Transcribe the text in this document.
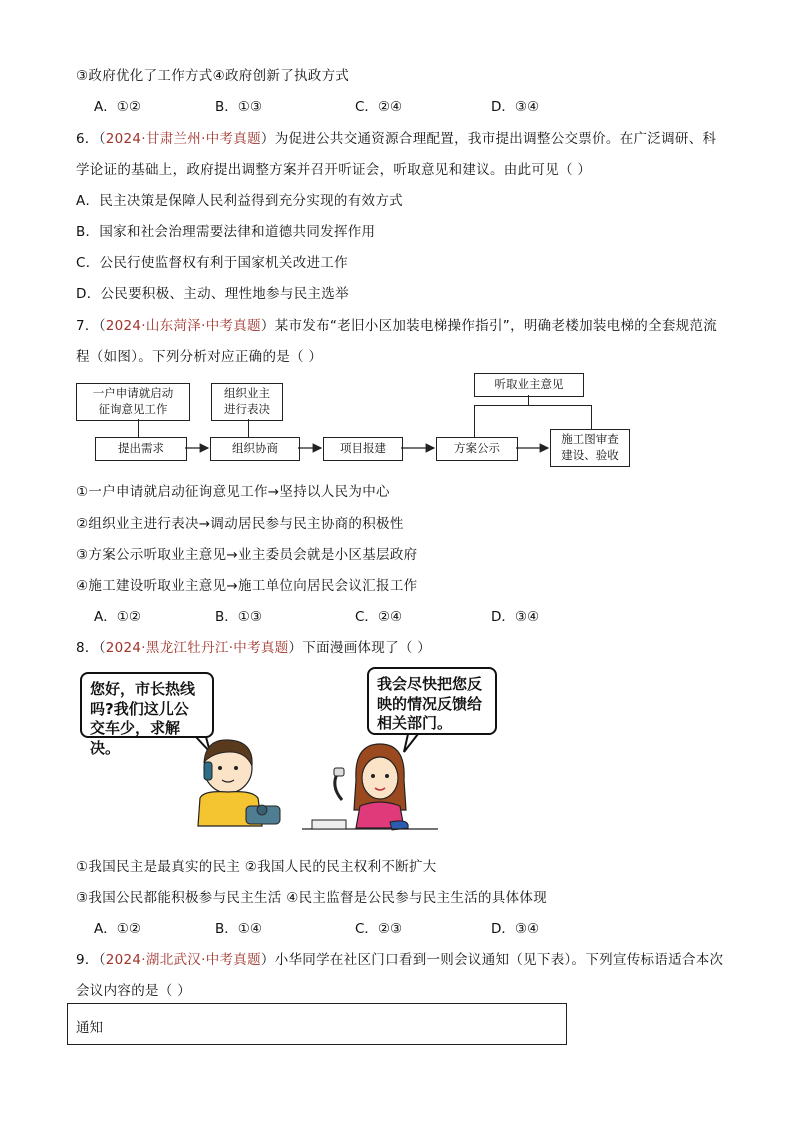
③政府优化了工作方式④政府创新了执政方式
A．①②	B．①③	C．②④	D．③④
6．（2024·甘肃兰州·中考真题）为促进公共交通资源合理配置，我市提出调整公交票价。在广泛调研、科
学论证的基础上，政府提出调整方案并召开听证会，听取意见和建议。由此可见（ ）
A．民主决策是保障人民利益得到充分实现的有效方式
B．国家和社会治理需要法律和道德共同发挥作用
C．公民行使监督权有利于国家机关改进工作
D．公民要积极、主动、理性地参与民主选举
7．（2024·山东菏泽·中考真题）某市发布“老旧小区加装电梯操作指引”，明确老楼加装电梯的全套规范流
程（如图）。下列分析对应正确的是（ ）
一户申请就启动
征询意见工作
组织业主
进行表决
听取业主意见
提出需求	组织协商	项目报建	方案公示
施工图审查
建设、验收
①一户申请就启动征询意见工作→坚持以人民为中心
②组织业主进行表决→调动居民参与民主协商的积极性
③方案公示听取业主意见→业主委员会就是小区基层政府
④施工建设听取业主意见→施工单位向居民会议汇报工作
A．①②	B．①③	C．②④	D．③④
8．（2024·黑龙江牡丹江·中考真题）下面漫画体现了（ ）
您好，市长热线
吗?我们这儿公
交车少，求解决。
我会尽快把您反
映的情况反馈给
相关部门。
①我国民主是最真实的民主 ②我国人民的民主权利不断扩大
③我国公民都能积极参与民主生活 ④民主监督是公民参与民主生活的具体体现
A．①②	B．①④	C．②③	D．③④
9．（2024·湖北武汉·中考真题）小华同学在社区门口看到一则会议通知（见下表）。下列宣传标语适合本次
会议内容的是（ ）
通知
